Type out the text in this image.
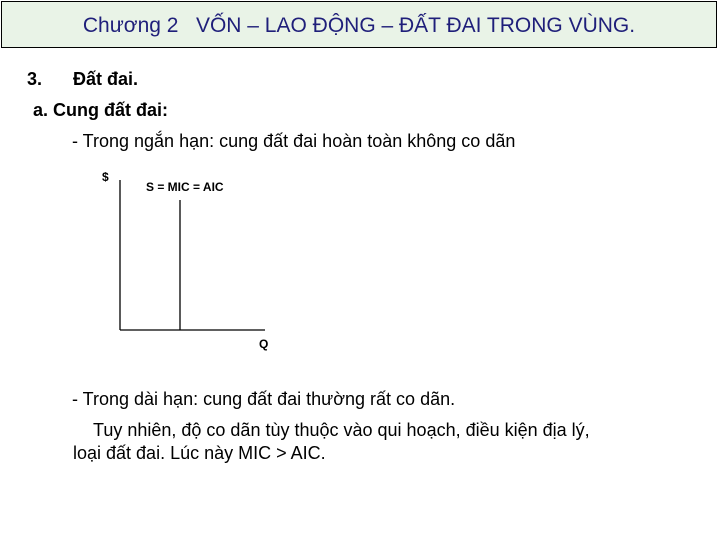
Chương 2 VỐN – LAO ĐỘNG – ĐẤT ĐAI TRONG VÙNG.
3. Đất đai.
a. Cung đất đai:
- Trong ngắn hạn: cung đất đai hoàn toàn không co dãn
$
S = MIC = AIC
Q
- Trong dài hạn: cung đất đai thường rất co dãn.
Tuy nhiên, độ co dãn tùy thuộc vào qui hoạch, điều kiện địa lý,
loại đất đai. Lúc này MIC > AIC.
